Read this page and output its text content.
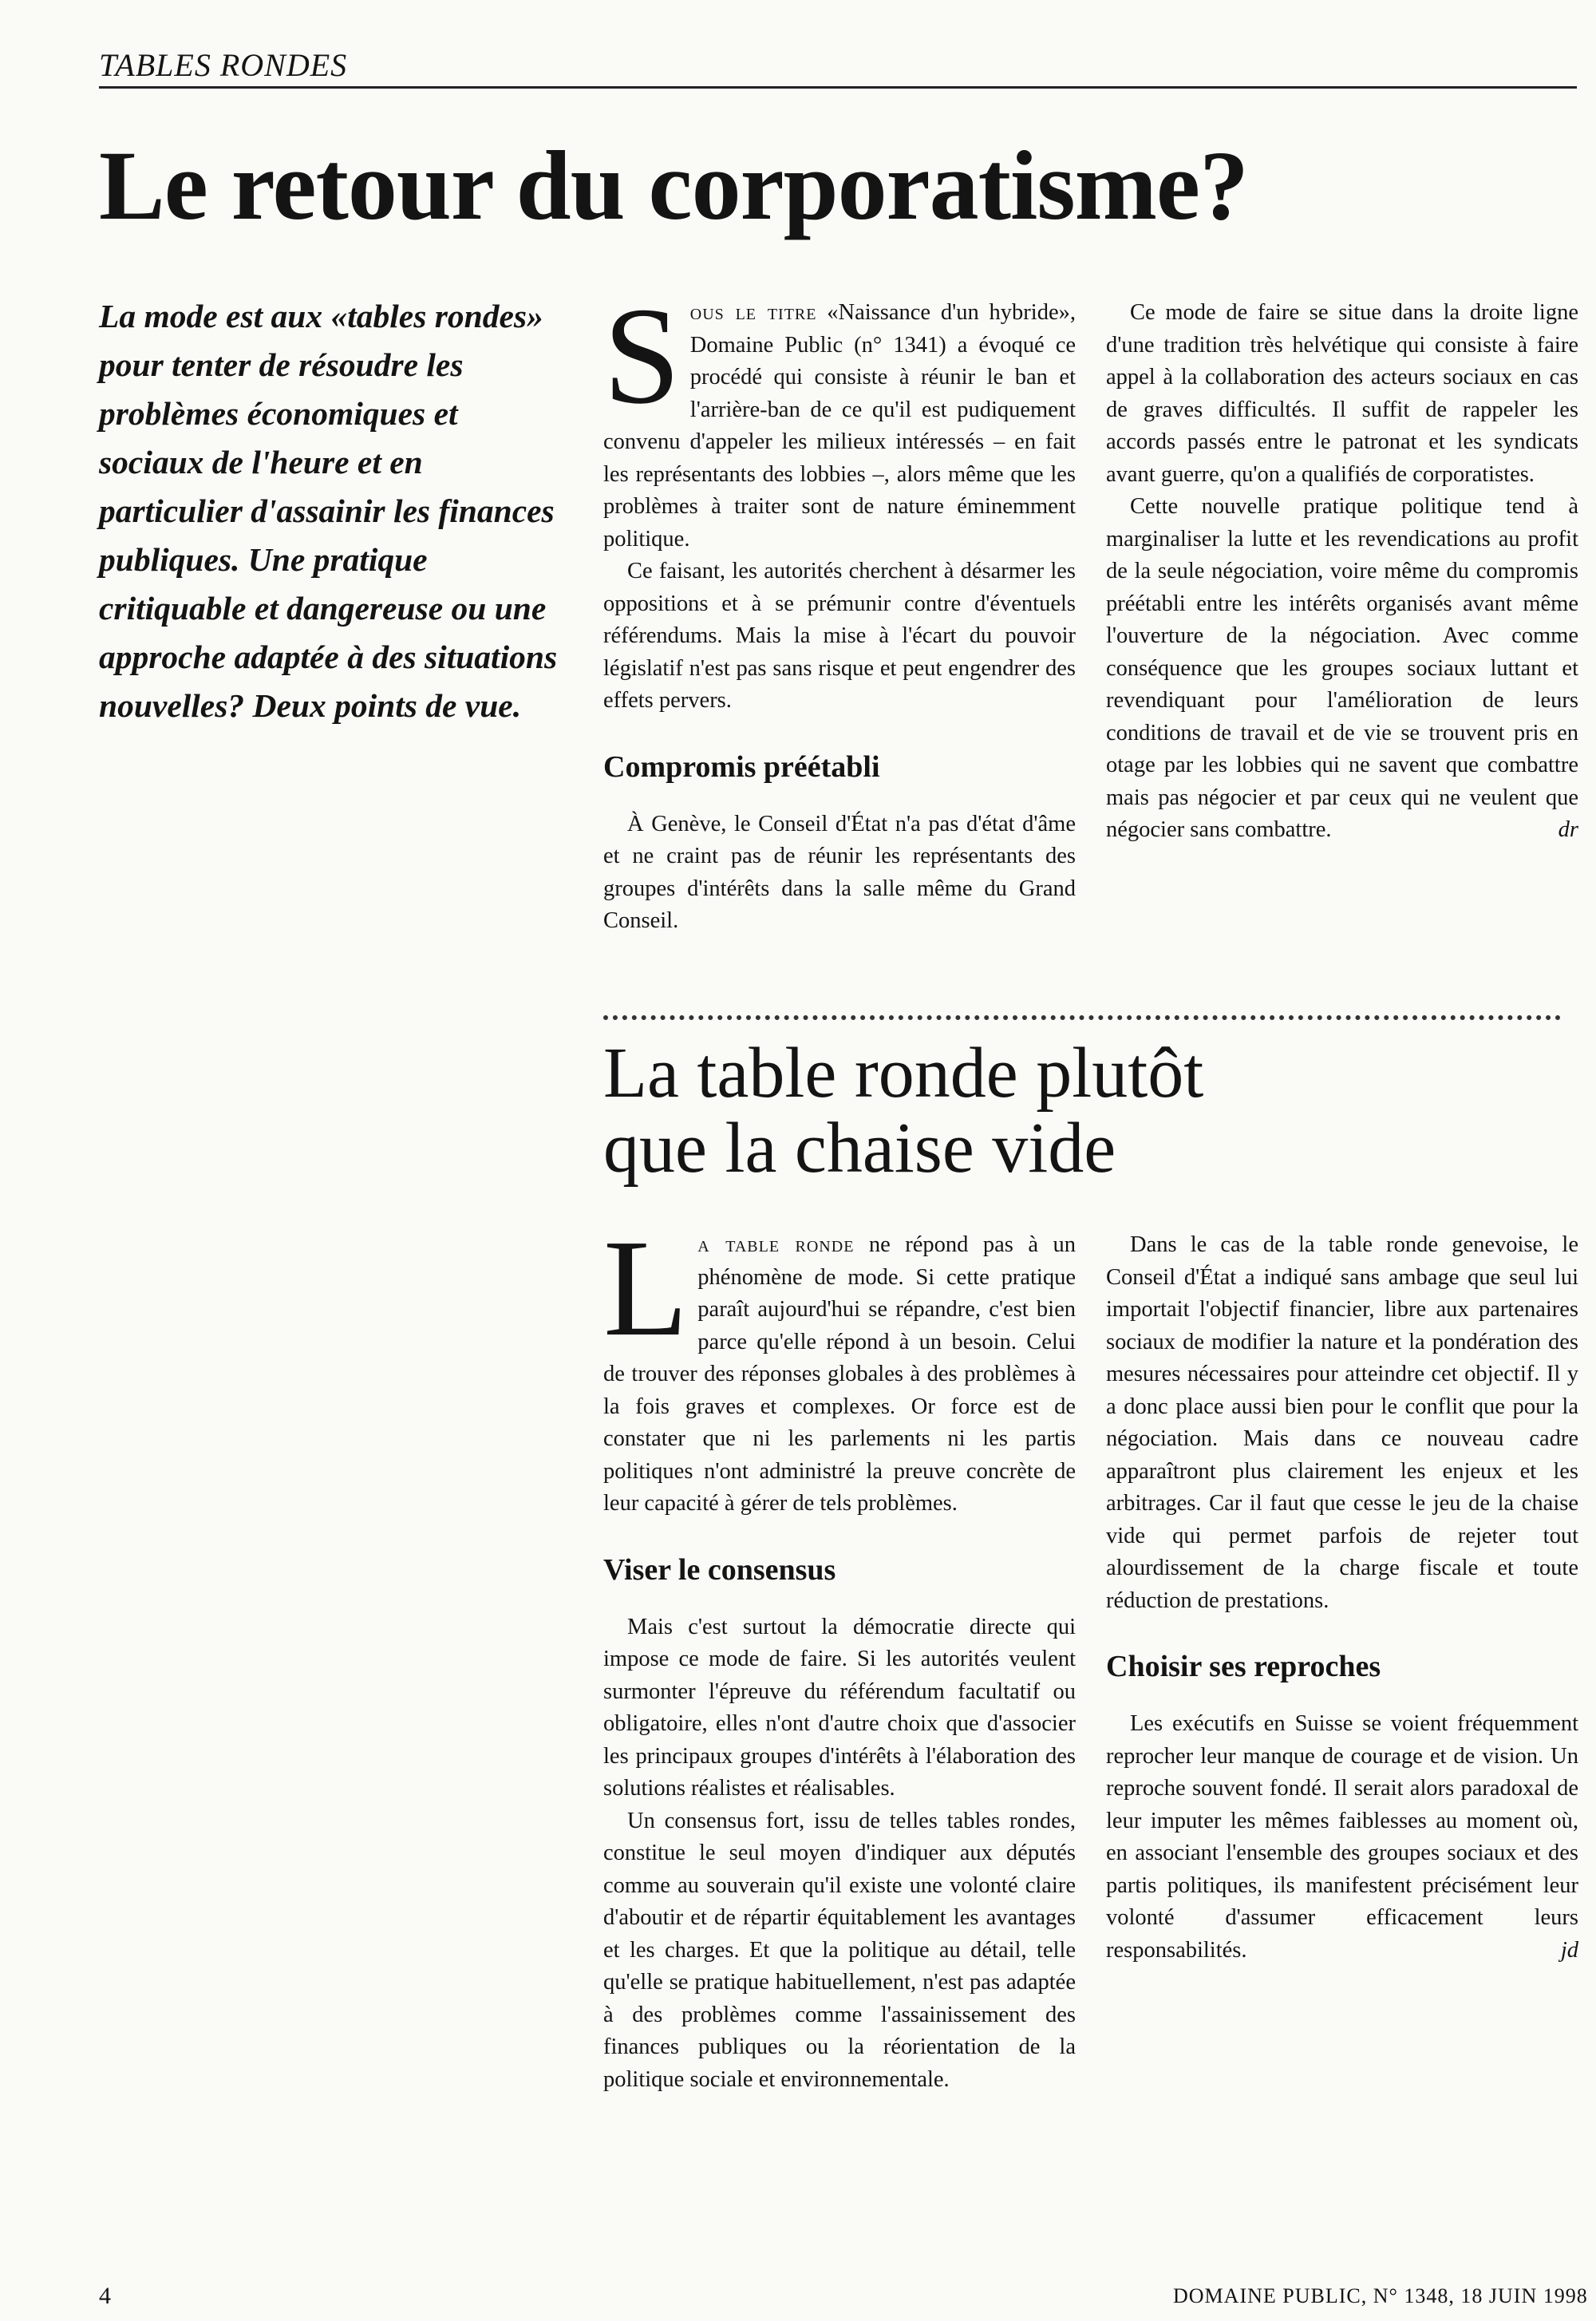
TABLES RONDES
Le retour du corporatisme?
La mode est aux «tables rondes» pour tenter de résoudre les problèmes économiques et sociaux de l'heure et en particulier d'assainir les finances publiques. Une pratique critiquable et dangereuse ou une approche adaptée à des situations nouvelles? Deux points de vue.

Sous le titre «Naissance d'un hybride», Domaine Public (n° 1341) a évoqué ce procédé qui consiste à réunir le ban et l'arrière-ban de ce qu'il est pudiquement convenu d'appeler les milieux intéressés – en fait les représentants des lobbies –, alors même que les problèmes à traiter sont de nature éminemment politique.

Ce faisant, les autorités cherchent à désarmer les oppositions et à se prémunir contre d'éventuels référendums. Mais la mise à l'écart du pouvoir législatif n'est pas sans risque et peut engendrer des effets pervers.

Compromis préétabli

À Genève, le Conseil d'État n'a pas d'état d'âme et ne craint pas de réunir les représentants des groupes d'intérêts dans la salle même du Grand Conseil.

Ce mode de faire se situe dans la droite ligne d'une tradition très helvétique qui consiste à faire appel à la collaboration des acteurs sociaux en cas de graves difficultés. Il suffit de rappeler les accords passés entre le patronat et les syndicats avant guerre, qu'on a qualifiés de corporatistes.

Cette nouvelle pratique politique tend à marginaliser la lutte et les revendications au profit de la seule négociation, voire même du compromis préétabli entre les intérêts organisés avant même l'ouverture de la négociation. Avec comme conséquence que les groupes sociaux luttant et revendiquant pour l'amélioration de leurs conditions de travail et de vie se trouvent pris en otage par les lobbies qui ne savent que combattre mais pas négocier et par ceux qui ne veulent que négocier sans combattre.	dr

La table ronde plutôt
que la chaise vide

La table ronde ne répond pas à un phénomène de mode. Si cette pratique paraît aujourd'hui se répandre, c'est bien parce qu'elle répond à un besoin. Celui de trouver des réponses globales à des problèmes à la fois graves et complexes. Or force est de constater que ni les parlements ni les partis politiques n'ont administré la preuve concrète de leur capacité à gérer de tels problèmes.

Viser le consensus

Mais c'est surtout la démocratie directe qui impose ce mode de faire. Si les autorités veulent surmonter l'épreuve du référendum facultatif ou obligatoire, elles n'ont d'autre choix que d'associer les principaux groupes d'intérêts à l'élaboration des solutions réalistes et réalisables.

Un consensus fort, issu de telles tables rondes, constitue le seul moyen d'indiquer aux députés comme au souverain qu'il existe une volonté claire d'aboutir et de répartir équitablement les avantages et les charges. Et que la politique au détail, telle qu'elle se pratique habituellement, n'est pas adaptée à des problèmes comme l'assainissement des finances publiques ou la réorientation de la politique sociale et environnementale.

Dans le cas de la table ronde genevoise, le Conseil d'État a indiqué sans ambage que seul lui importait l'objectif financier, libre aux partenaires sociaux de modifier la nature et la pondération des mesures nécessaires pour atteindre cet objectif. Il y a donc place aussi bien pour le conflit que pour la négociation. Mais dans ce nouveau cadre apparaîtront plus clairement les enjeux et les arbitrages. Car il faut que cesse le jeu de la chaise vide qui permet parfois de rejeter tout alourdissement de la charge fiscale et toute réduction de prestations.

Choisir ses reproches

Les exécutifs en Suisse se voient fréquemment reprocher leur manque de courage et de vision. Un reproche souvent fondé. Il serait alors paradoxal de leur imputer les mêmes faiblesses au moment où, en associant l'ensemble des groupes sociaux et des partis politiques, ils manifestent précisément leur volonté d'assumer efficacement leurs responsabilités.	jd

4	DOMAINE PUBLIC, N° 1348, 18 JUIN 1998
